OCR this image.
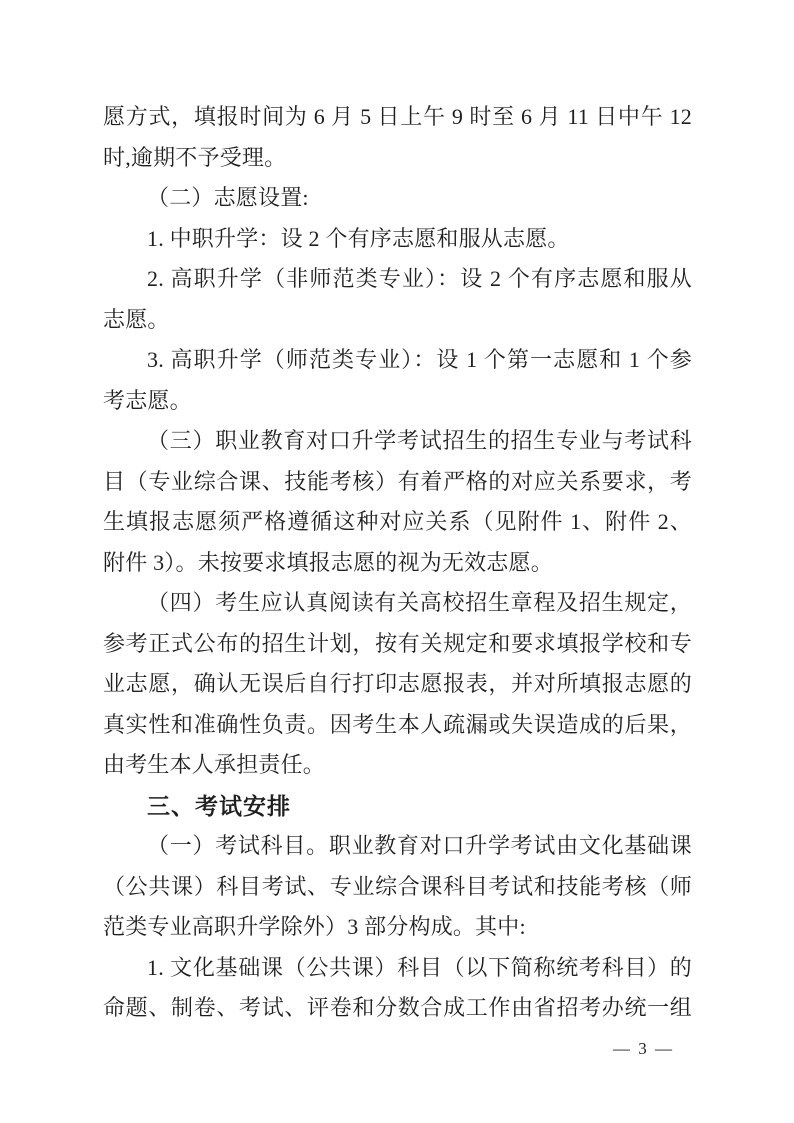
愿方式，填报时间为 6 月 5 日上午 9 时至 6 月 11 日中午 12
时,逾期不予受理。
（二）志愿设置:
1. 中职升学：设 2 个有序志愿和服从志愿。
2. 高职升学（非师范类专业）：设 2 个有序志愿和服从
志愿。
3. 高职升学（师范类专业）：设 1 个第一志愿和 1 个参
考志愿。
（三）职业教育对口升学考试招生的招生专业与考试科
目（专业综合课、技能考核）有着严格的对应关系要求，考
生填报志愿须严格遵循这种对应关系（见附件 1、附件 2、
附件 3）。未按要求填报志愿的视为无效志愿。
（四）考生应认真阅读有关高校招生章程及招生规定，
参考正式公布的招生计划，按有关规定和要求填报学校和专
业志愿，确认无误后自行打印志愿报表，并对所填报志愿的
真实性和准确性负责。因考生本人疏漏或失误造成的后果，
由考生本人承担责任。
三、考试安排
（一）考试科目。职业教育对口升学考试由文化基础课
（公共课）科目考试、专业综合课科目考试和技能考核（师
范类专业高职升学除外）3 部分构成。其中:
1. 文化基础课（公共课）科目（以下简称统考科目）的
命题、制卷、考试、评卷和分数合成工作由省招考办统一组
— 3 —
